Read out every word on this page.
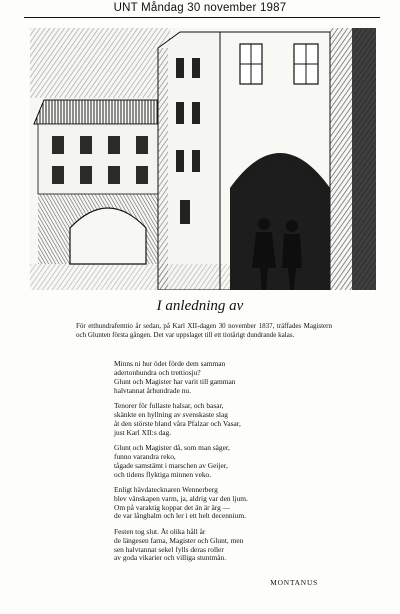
UNT Måndag 30 november 1987
I anledning av
För etthundrafemtio år sedan, på Karl XII-dagen 30 november 1837, träffades Magistern och Glunten första gången. Det var uppslaget till ett tiotårigt dundrande kalas.
Minns ni hur ödet förde dem samman
adertonhundra och trettiosju?
Glunt och Magister har varit till gamman
halvtannat århundrade nu.
Tenorer för fullaste halsar, och basar,
skänkte en hyllning av svenskaste slag
åt den störste bland våra Pfalzar och Vasar,
just Karl XII:s dag.
Glunt och Magister då, som man säger,
funno varandra reko,
tågade samstämt i marschen av Geijer,
och tidens flyktiga minnen veko.
Enligt hävdatecknaren Wennerberg
blev vänskapen varm, ja, aldrig var den ljum.
Om på varaktig koppar det än är ärg —
de var långhalm och ler i ett helt decennium.
Festen tog slut. Åt olika håll år
de längesen farna, Magister och Glunt, men
sen halvtannat sekel fylls deras roller
av goda vikarier och villiga stuntmän.
MONTANUS
